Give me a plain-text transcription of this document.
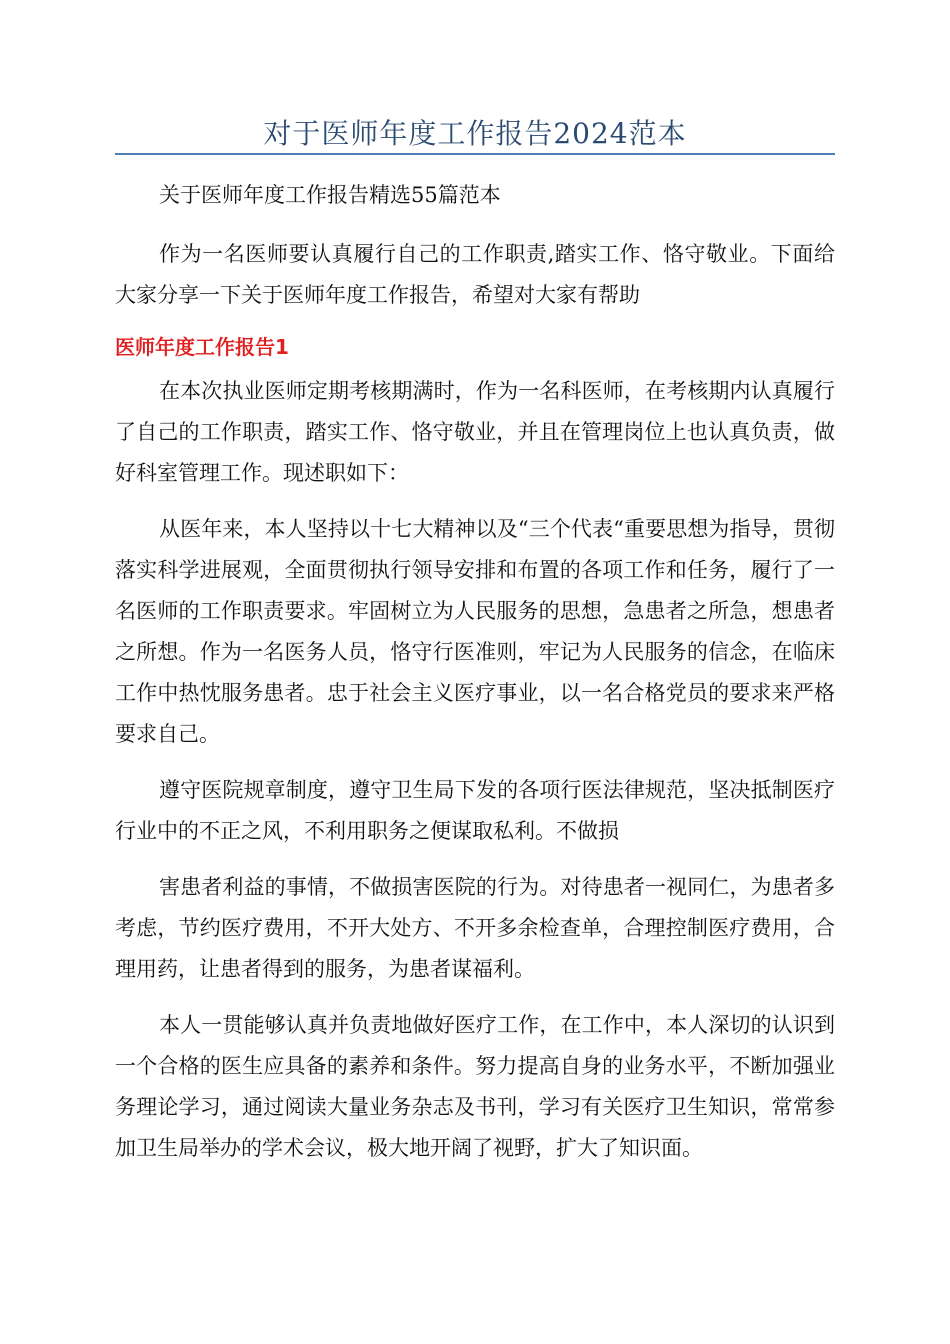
对于医师年度工作报告2024范本

关于医师年度工作报告精选55篇范本

作为一名医师要认真履行自己的工作职责,踏实工作、恪守敬业。下面给大家分享一下关于医师年度工作报告，希望对大家有帮助

医师年度工作报告1

在本次执业医师定期考核期满时，作为一名科医师，在考核期内认真履行了自己的工作职责，踏实工作、恪守敬业，并且在管理岗位上也认真负责，做好科室管理工作。现述职如下：

从医年来，本人坚持以十七大精神以及“三个代表“重要思想为指导，贯彻落实科学进展观，全面贯彻执行领导安排和布置的各项工作和任务，履行了一名医师的工作职责要求。牢固树立为人民服务的思想，急患者之所急，想患者之所想。作为一名医务人员，恪守行医准则，牢记为人民服务的信念，在临床工作中热忱服务患者。忠于社会主义医疗事业，以一名合格党员的要求来严格要求自己。

遵守医院规章制度，遵守卫生局下发的各项行医法律规范，坚决抵制医疗行业中的不正之风，不利用职务之便谋取私利。不做损

害患者利益的事情，不做损害医院的行为。对待患者一视同仁，为患者多考虑，节约医疗费用，不开大处方、不开多余检查单，合理控制医疗费用，合理用药，让患者得到的服务，为患者谋福利。

本人一贯能够认真并负责地做好医疗工作，在工作中，本人深切的认识到一个合格的医生应具备的素养和条件。努力提高自身的业务水平，不断加强业务理论学习，通过阅读大量业务杂志及书刊，学习有关医疗卫生知识，常常参加卫生局举办的学术会议，极大地开阔了视野，扩大了知识面。
